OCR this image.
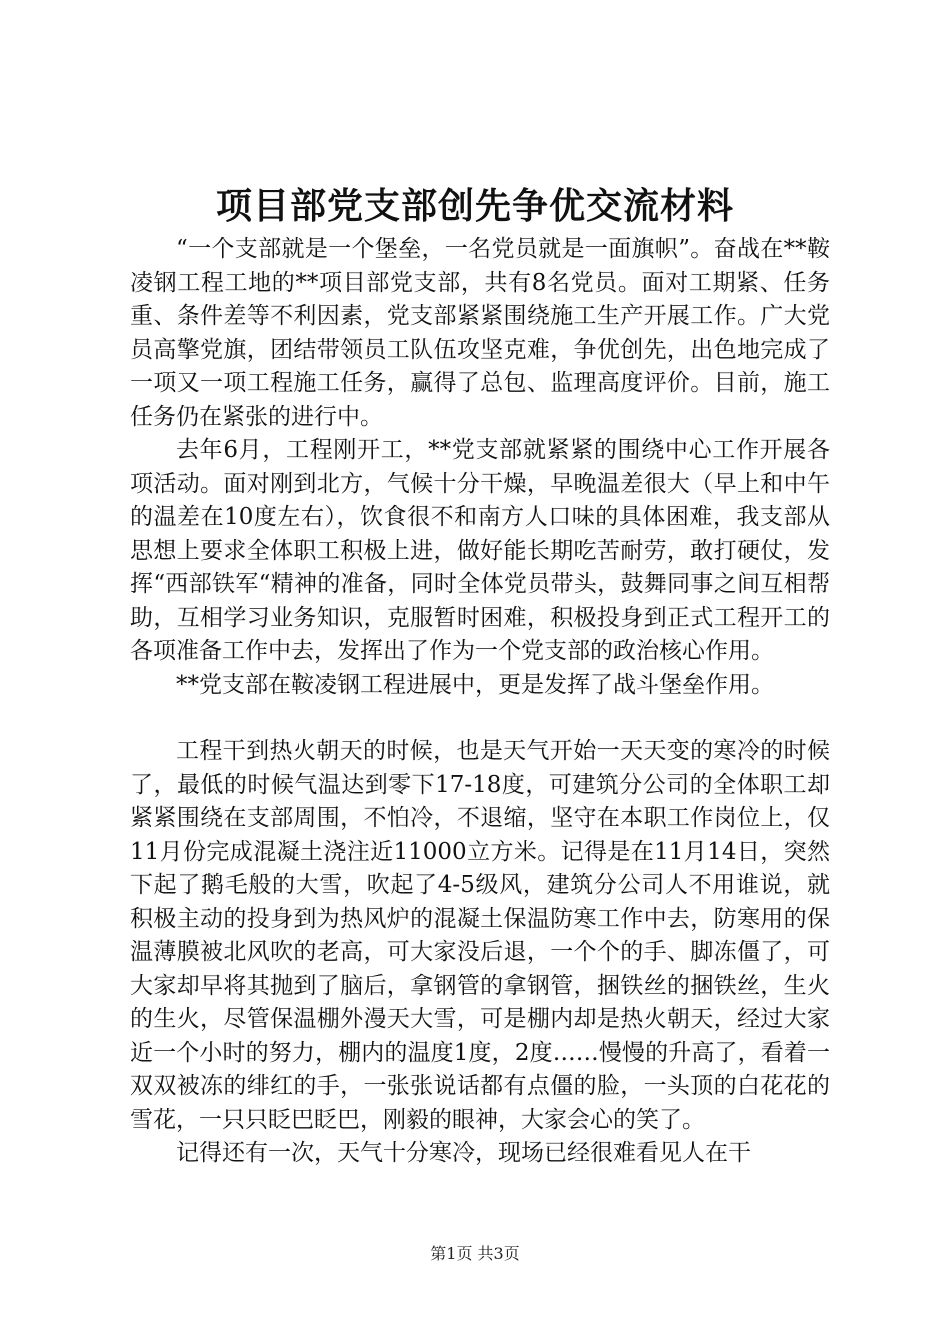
项目部党支部创先争优交流材料

“一个支部就是一个堡垒，一名党员就是一面旗帜”。奋战在**鞍凌钢工程工地的**项目部党支部，共有8名党员。面对工期紧、任务重、条件差等不利因素，党支部紧紧围绕施工生产开展工作。广大党员高擎党旗，团结带领员工队伍攻坚克难，争优创先，出色地完成了一项又一项工程施工任务，赢得了总包、监理高度评价。目前，施工任务仍在紧张的进行中。

去年6月，工程刚开工，**党支部就紧紧的围绕中心工作开展各项活动。面对刚到北方，气候十分干燥，早晚温差很大（早上和中午的温差在10度左右），饮食很不和南方人口味的具体困难，我支部从思想上要求全体职工积极上进，做好能长期吃苦耐劳，敢打硬仗，发挥“西部铁军“精神的准备，同时全体党员带头，鼓舞同事之间互相帮助，互相学习业务知识，克服暂时困难，积极投身到正式工程开工的各项准备工作中去，发挥出了作为一个党支部的政治核心作用。

**党支部在鞍凌钢工程进展中，更是发挥了战斗堡垒作用。

工程干到热火朝天的时候，也是天气开始一天天变的寒冷的时候了，最低的时候气温达到零下17-18度，可建筑分公司的全体职工却紧紧围绕在支部周围，不怕冷，不退缩，坚守在本职工作岗位上，仅11月份完成混凝土浇注近11000立方米。记得是在11月14日，突然下起了鹅毛般的大雪，吹起了4-5级风，建筑分公司人不用谁说，就积极主动的投身到为热风炉的混凝土保温防寒工作中去，防寒用的保温薄膜被北风吹的老高，可大家没后退，一个个的手、脚冻僵了，可大家却早将其抛到了脑后，拿钢管的拿钢管，捆铁丝的捆铁丝，生火的生火，尽管保温棚外漫天大雪，可是棚内却是热火朝天，经过大家近一个小时的努力，棚内的温度1度，2度……慢慢的升高了，看着一双双被冻的绯红的手，一张张说话都有点僵的脸，一头顶的白花花的雪花，一只只眨巴眨巴，刚毅的眼神，大家会心的笑了。

记得还有一次，天气十分寒冷，现场已经很难看见人在干

第1页 共3页
